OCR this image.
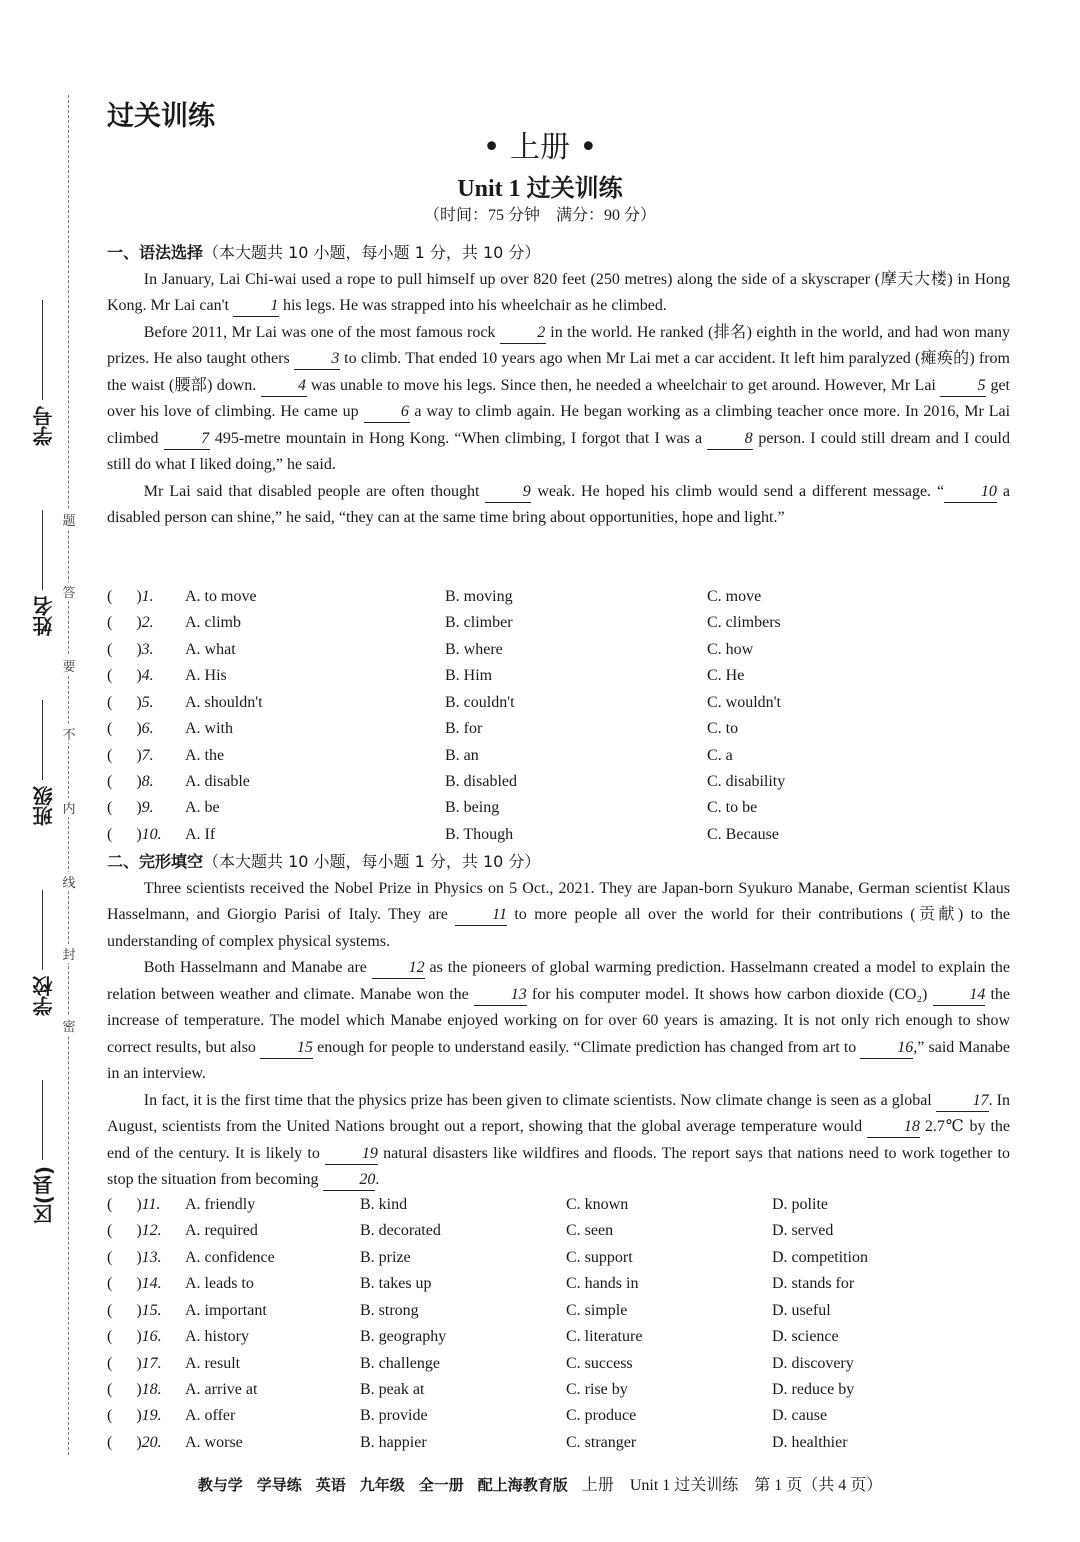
学号
姓名
班级
学校
区(县)
题
答
要
不
内
线
封
密
过关训练
• 上册 •
Unit 1 过关训练
（时间：75 分钟　满分：90 分）
一、语法选择（本大题共 10 小题，每小题 1 分，共 10 分）

In January, Lai Chi-wai used a rope to pull himself up over 820 feet (250 metres) along the side of a skyscraper (摩天大楼) in Hong Kong. Mr Lai can't 1 his legs. He was strapped into his wheelchair as he climbed.

Before 2011, Mr Lai was one of the most famous rock 2 in the world. He ranked (排名) eighth in the world, and had won many prizes. He also taught others 3 to climb. That ended 10 years ago when Mr Lai met a car accident. It left him paralyzed (瘫痪的) from the waist (腰部) down. 4 was unable to move his legs. Since then, he needed a wheelchair to get around. However, Mr Lai 5 get over his love of climbing. He came up 6 a way to climb again. He began working as a climbing teacher once more. In 2016, Mr Lai climbed 7 495-metre mountain in Hong Kong. “When climbing, I forgot that I was a 8 person. I could still dream and I could still do what I liked doing,” he said.

Mr Lai said that disabled people are often thought 9 weak. He hoped his climb would send a different message. “ 10 a disabled person can shine,” he said, “they can at the same time bring about opportunities, hope and light.”

(  )1.	A. to move	B. moving	C. move
(  )2.	A. climb	B. climber	C. climbers
(  )3.	A. what	B. where	C. how
(  )4.	A. His	B. Him	C. He
(  )5.	A. shouldn't	B. couldn't	C. wouldn't
(  )6.	A. with	B. for	C. to
(  )7.	A. the	B. an	C. a
(  )8.	A. disable	B. disabled	C. disability
(  )9.	A. be	B. being	C. to be
(  )10.	A. If	B. Though	C. Because
二、完形填空（本大题共 10 小题，每小题 1 分，共 10 分）

Three scientists received the Nobel Prize in Physics on 5 Oct., 2021. They are Japan-born Syukuro Manabe, German scientist Klaus Hasselmann, and Giorgio Parisi of Italy. They are 11 to more people all over the world for their contributions (贡献) to the understanding of complex physical systems.

Both Hasselmann and Manabe are 12 as the pioneers of global warming prediction. Hasselmann created a model to explain the relation between weather and climate. Manabe won the 13 for his computer model. It shows how carbon dioxide (CO₂) 14 the increase of temperature. The model which Manabe enjoyed working on for over 60 years is amazing. It is not only rich enough to show correct results, but also 15 enough for people to understand easily. “Climate prediction has changed from art to 16,” said Manabe in an interview.

In fact, it is the first time that the physics prize has been given to climate scientists. Now climate change is seen as a global 17. In August, scientists from the United Nations brought out a report, showing that the global average temperature would 18 2.7℃ by the end of the century. It is likely to 19 natural disasters like wildfires and floods. The report says that nations need to work together to stop the situation from becoming 20.

(  )11.	A. friendly	B. kind	C. known	D. polite
(  )12.	A. required	B. decorated	C. seen	D. served
(  )13.	A. confidence	B. prize	C. support	D. competition
(  )14.	A. leads to	B. takes up	C. hands in	D. stands for
(  )15.	A. important	B. strong	C. simple	D. useful
(  )16.	A. history	B. geography	C. literature	D. science
(  )17.	A. result	B. challenge	C. success	D. discovery
(  )18.	A. arrive at	B. peak at	C. rise by	D. reduce by
(  )19.	A. offer	B. provide	C. produce	D. cause
(  )20.	A. worse	B. happier	C. stranger	D. healthier
教与学 学导练 英语 九年级 全一册 配上海教育版 上册　Unit 1 过关训练　第 1 页（共 4 页）
